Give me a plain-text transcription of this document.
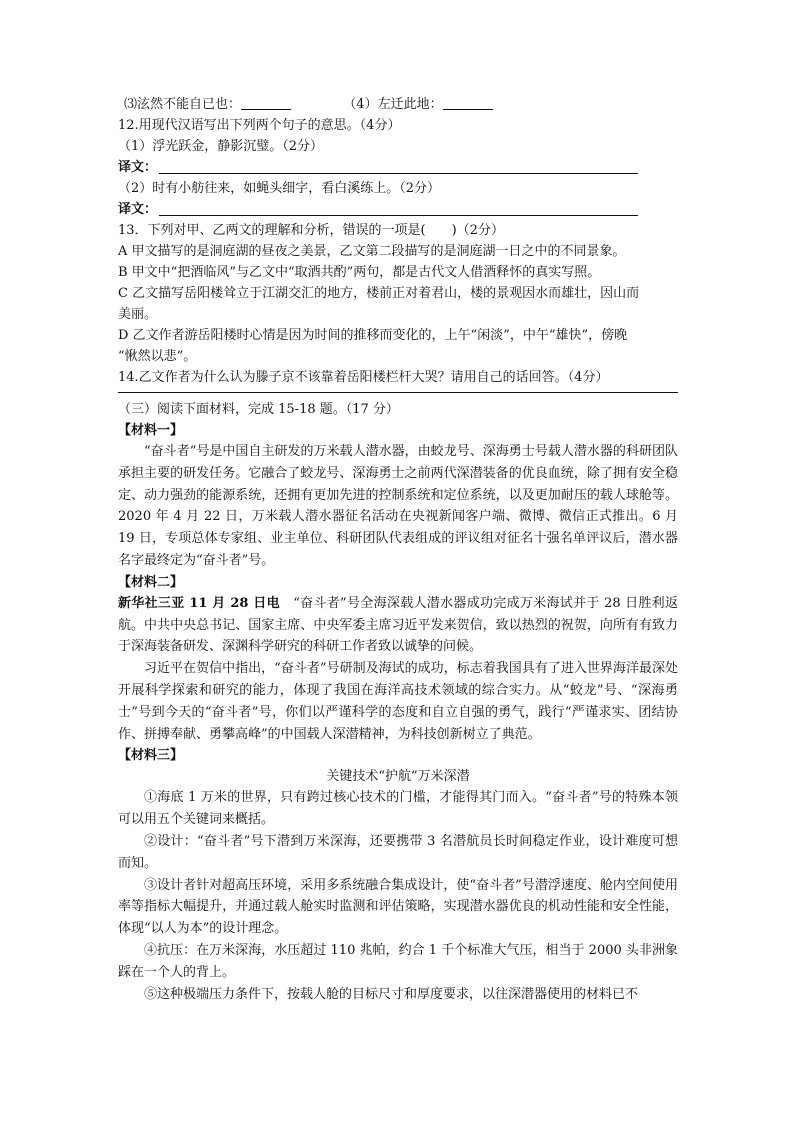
⑶泫然不能自已也：	（4）左迁此地：
12.用现代汉语写出下列两个句子的意思。（4分）
（1）浮光跃金，静影沉璧。（2分）
译文：
（2）时有小舫往来，如蝇头细字，看白溪练上。（2分）
译文：
13．下列对甲、乙两文的理解和分析，错误的一项是(　　)（2分）
A 甲文描写的是洞庭湖的昼夜之美景，乙文第二段描写的是洞庭湖一日之中的不同景象。
B 甲文中“把酒临风”与乙文中“取酒共酌”两句，都是古代文人借酒释怀的真实写照。
C 乙文描写岳阳楼耸立于江湖交汇的地方，楼前正对着君山，楼的景观因水而雄壮，因山而
美丽。
D 乙文作者游岳阳楼时心情是因为时间的推移而变化的，上午“闲淡”，中午“雄快”，傍晚
“愀然以悲”。
14.乙文作者为什么认为滕子京不该靠着岳阳楼栏杆大哭？请用自己的话回答。（4分）
（三）阅读下面材料，完成 15-18 题。（17 分）
【材料一】
“奋斗者”号是中国自主研发的万米载人潜水器，由蛟龙号、深海勇士号载人潜水器的科研团队承担主要的研发任务。它融合了蛟龙号、深海勇士之前两代深潜装备的优良血统，除了拥有安全稳定、动力强劲的能源系统，还拥有更加先进的控制系统和定位系统，以及更加耐压的载人球舱等。2020 年 4 月 22 日，万米载人潜水器征名活动在央视新闻客户端、微博、微信正式推出。6 月 19 日，专项总体专家组、业主单位、科研团队代表组成的评议组对征名十强名单评议后，潜水器名字最终定为“奋斗者”号。
【材料二】
新华社三亚 11 月 28 日电　 “奋斗者”号全海深载人潜水器成功完成万米海试并于 28 日胜利返航。中共中央总书记、国家主席、中央军委主席习近平发来贺信，致以热烈的祝贺，向所有有致力于深海装备研发、深渊科学研究的科研工作者致以诚挚的问候。
习近平在贺信中指出，“奋斗者”号研制及海试的成功，标志着我国具有了进入世界海洋最深处开展科学探索和研究的能力，体现了我国在海洋高技术领域的综合实力。从“蛟龙”号、“深海勇士”号到今天的“奋斗者”号，你们以严谨科学的态度和自立自强的勇气，践行“严谨求实、团结协作、拼搏奉献、勇攀高峰”的中国载人深潜精神，为科技创新树立了典范。
【材料三】
关键技术“护航”万米深潜
①海底 1 万米的世界，只有跨过核心技术的门槛，才能得其门而入。“奋斗者”号的特殊本领可以用五个关键词来概括。
②设计：“奋斗者”号下潜到万米深海，还要携带 3 名潜航员长时间稳定作业，设计难度可想而知。
③设计者针对超高压环境，采用多系统融合集成设计，使“奋斗者”号潜浮速度、舱内空间使用率等指标大幅提升，并通过载人舱实时监测和评估策略，实现潜水器优良的机动性能和安全性能，体现“以人为本”的设计理念。
④抗压：在万米深海，水压超过 110 兆帕，约合 1 千个标准大气压，相当于 2000 头非洲象踩在一个人的背上。
⑤这种极端压力条件下，按载人舱的目标尺寸和厚度要求，以往深潜器使用的材料已不
